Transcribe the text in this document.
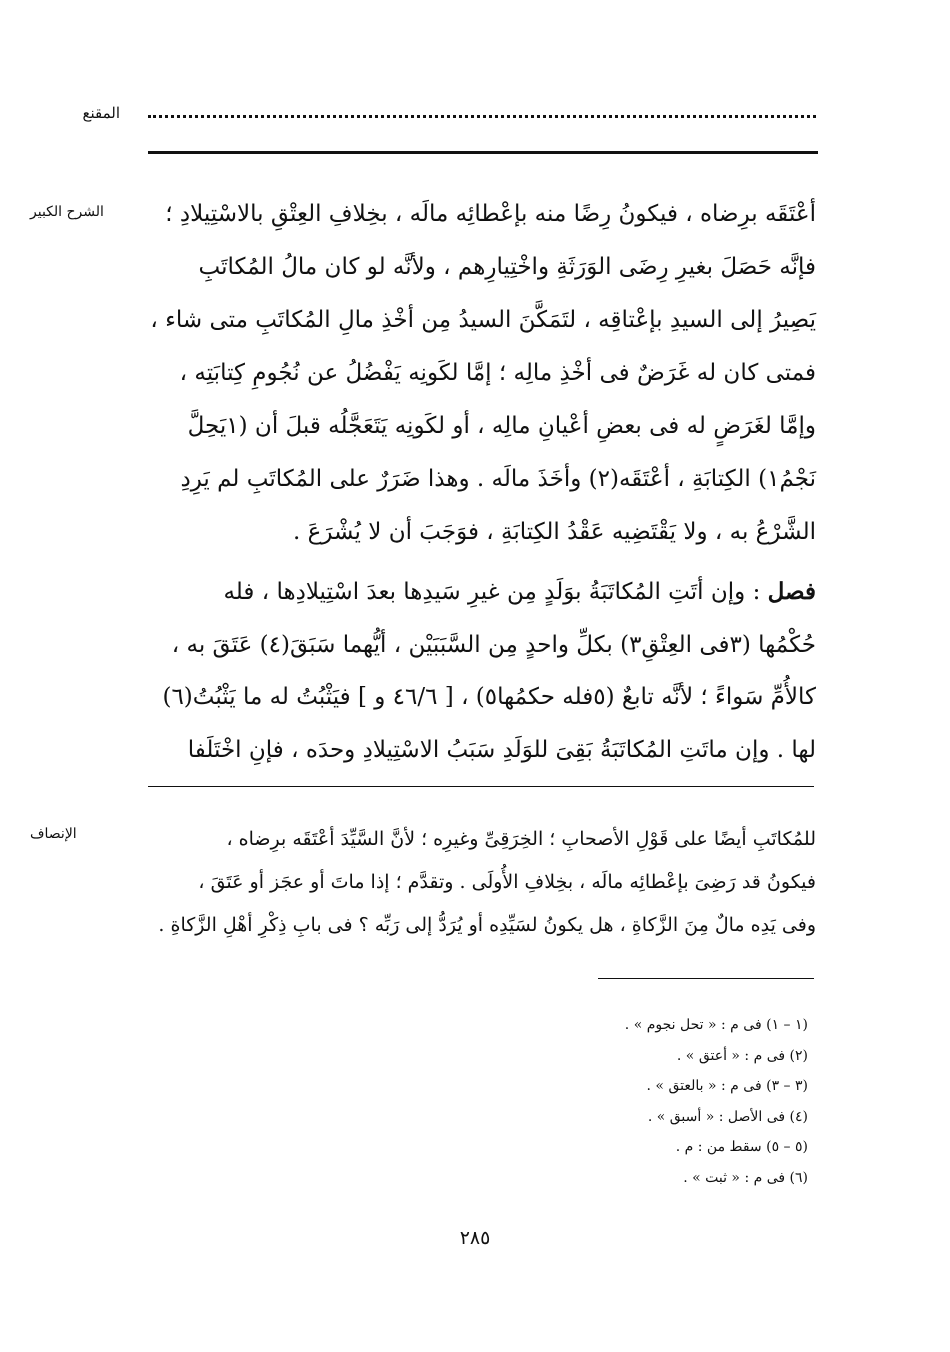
المقنع
الشرح الكبير	أعْتَقَه برِضاه ، فيكونُ رِضًا منه بإعْطائِه مالَه ، بخِلافِ العِتْقِ بالاسْتِيلادِ ؛

فإنَّه حَصَلَ بغيرِ رِضَى الوَرَثَةِ واخْتِيارِهم ، ولأنَّه لو كان مالُ المُكاتَبِ

يَصِيرُ إلى السيدِ بإعْتاقِه ، لتَمَكَّنَ السيدُ مِن أخْذِ مالِ المُكاتَبِ متى شاء ،

فمتى كان له غَرَضٌ فى أخْذِ مالِه ؛ إمَّا لكَونِه يَفْضُلُ عن نُجُومِ كِتابَتِه ،

وإمَّا لغَرَضٍ له فى بعضِ أعْيانِ مالِه ، أو لكَونِه يَتَعَجَّلُه قبلَ أن (١يَحِلَّ

نَجْمُ١) الكِتابَةِ ، أعْتَقَه(٢) وأخَذَ مالَه . وهذا ضَرَرٌ على المُكاتَبِ لم يَرِدِ

الشَّرْعُ به ، ولا يَقْتَضِيه عَقْدُ الكِتابَةِ ، فوَجَبَ أن لا يُشْرَعَ .

فصل : وإن أتَتِ المُكاتَبَةُ بوَلَدٍ مِن غيرِ سَيدِها بعدَ اسْتِيلادِها ، فله

حُكْمُها (٣فى العِتْقِ٣) بكلِّ واحدٍ مِن السَّبَبَيْن ، أيُّهما سَبَقَ(٤) عَتَقَ به ،

كالأُمِّ سَواءً ؛ لأنَّه تابعٌ (٥فله حكمُها٥) ، [ ٤٦/٦ و ] فيَثْبُتُ له ما يَثْبُتُ(٦)

لها . وإن ماتَتِ المُكاتَبَةُ بَقِىَ للوَلَدِ سَبَبُ الاسْتِيلادِ وحدَه ، فإنِ اخْتَلَفا

الإنصاف	للمُكاتَبِ أيضًا على قَوْلِ الأصحابِ ؛ الخِرَقِىِّ وغيرِه ؛ لأنَّ السَّيِّدَ أعْتَقَه برِضاه ،

فيكونُ قد رَضِىَ بإعْطائِه مالَه ، بخِلافِ الأُولَى . وتقدَّم ؛ إذا ماتَ أو عجَز أو عَتَقَ ،

وفى يَدِه مالٌ مِنَ الزَّكاةِ ، هل يكونُ لسَيِّدِه أو يُرَدُّ إلى رَبِّه ؟ فى بابِ ذِكْرِ أهْلِ الزَّكاةِ .

(١ – ١) فى م : « تحل نجوم » .
(٢) فى م : « أعتق » .
(٣ – ٣) فى م : « بالعتق » .
(٤) فى الأصل : « أسبق » .
(٥ – ٥) سقط من : م .
(٦) فى م : « ثبت » .
٢٨٥
